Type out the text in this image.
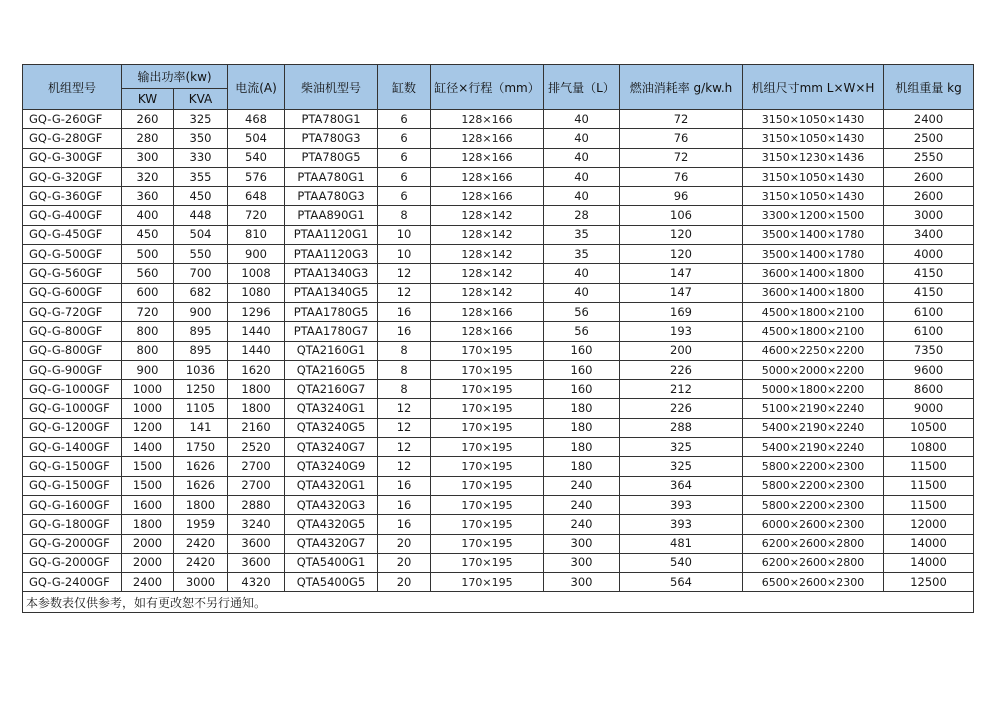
机组型号	输出功率(kw)		电流(A)	柴油机型号	缸数	缸径×行程（mm）	排气量（L）	燃油消耗率 g/kw.h	机组尺寸mm L×W×H	机组重量 kg
	KW	KVA								
GQ-G-260GF	260	325	468	PTA780G1	6	128×166	40	72	3150×1050×1430	2400
GQ-G-280GF	280	350	504	PTA780G3	6	128×166	40	76	3150×1050×1430	2500
GQ-G-300GF	300	330	540	PTA780G5	6	128×166	40	72	3150×1230×1436	2550
GQ-G-320GF	320	355	576	PTAA780G1	6	128×166	40	76	3150×1050×1430	2600
GQ-G-360GF	360	450	648	PTAA780G3	6	128×166	40	96	3150×1050×1430	2600
GQ-G-400GF	400	448	720	PTAA890G1	8	128×142	28	106	3300×1200×1500	3000
GQ-G-450GF	450	504	810	PTAA1120G1	10	128×142	35	120	3500×1400×1780	3400
GQ-G-500GF	500	550	900	PTAA1120G3	10	128×142	35	120	3500×1400×1780	4000
GQ-G-560GF	560	700	1008	PTAA1340G3	12	128×142	40	147	3600×1400×1800	4150
GQ-G-600GF	600	682	1080	PTAA1340G5	12	128×142	40	147	3600×1400×1800	4150
GQ-G-720GF	720	900	1296	PTAA1780G5	16	128×166	56	169	4500×1800×2100	6100
GQ-G-800GF	800	895	1440	PTAA1780G7	16	128×166	56	193	4500×1800×2100	6100
GQ-G-800GF	800	895	1440	QTA2160G1	8	170×195	160	200	4600×2250×2200	7350
GQ-G-900GF	900	1036	1620	QTA2160G5	8	170×195	160	226	5000×2000×2200	9600
GQ-G-1000GF	1000	1250	1800	QTA2160G7	8	170×195	160	212	5000×1800×2200	8600
GQ-G-1000GF	1000	1105	1800	QTA3240G1	12	170×195	180	226	5100×2190×2240	9000
GQ-G-1200GF	1200	141	2160	QTA3240G5	12	170×195	180	288	5400×2190×2240	10500
GQ-G-1400GF	1400	1750	2520	QTA3240G7	12	170×195	180	325	5400×2190×2240	10800
GQ-G-1500GF	1500	1626	2700	QTA3240G9	12	170×195	180	325	5800×2200×2300	11500
GQ-G-1500GF	1500	1626	2700	QTA4320G1	16	170×195	240	364	5800×2200×2300	11500
GQ-G-1600GF	1600	1800	2880	QTA4320G3	16	170×195	240	393	5800×2200×2300	11500
GQ-G-1800GF	1800	1959	3240	QTA4320G5	16	170×195	240	393	6000×2600×2300	12000
GQ-G-2000GF	2000	2420	3600	QTA4320G7	20	170×195	300	481	6200×2600×2800	14000
GQ-G-2000GF	2000	2420	3600	QTA5400G1	20	170×195	300	540	6200×2600×2800	14000
GQ-G-2400GF	2400	3000	4320	QTA5400G5	20	170×195	300	564	6500×2600×2300	12500
本参数表仅供参考，如有更改恕不另行通知。										
